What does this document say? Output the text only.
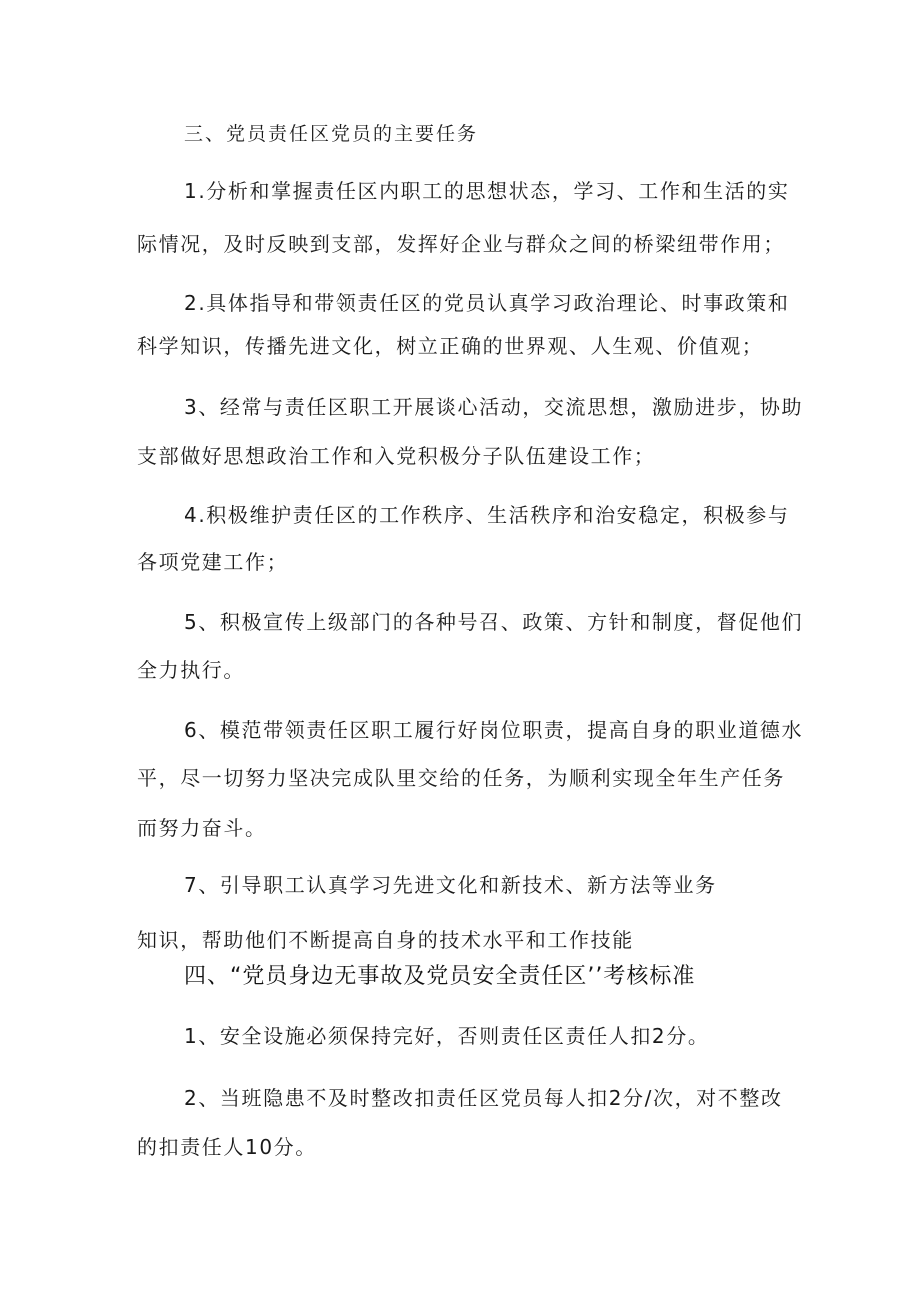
三、党员责任区党员的主要任务
1.分析和掌握责任区内职工的思想状态，学习、工作和生活的实
际情况，及时反映到支部，发挥好企业与群众之间的桥梁纽带作用；
2.具体指导和带领责任区的党员认真学习政治理论、时事政策和
科学知识，传播先进文化，树立正确的世界观、人生观、价值观；
3、经常与责任区职工开展谈心活动，交流思想，激励进步，协助
支部做好思想政治工作和入党积极分子队伍建设工作；
4.积极维护责任区的工作秩序、生活秩序和治安稳定，积极参与
各项党建工作；
5、积极宣传上级部门的各种号召、政策、方针和制度，督促他们
全力执行。
6、模范带领责任区职工履行好岗位职责，提高自身的职业道德水
平，尽一切努力坚决完成队里交给的任务，为顺利实现全年生产任务
而努力奋斗。
7、引导职工认真学习先进文化和新技术、新方法等业务
知识，帮助他们不断提高自身的技术水平和工作技能
四、“党员身边无事故及党员安全责任区’’考核标准
1、安全设施必须保持完好，否则责任区责任人扣2分。
2、当班隐患不及时整改扣责任区党员每人扣2分/次，对不整改
的扣责任人10分。
